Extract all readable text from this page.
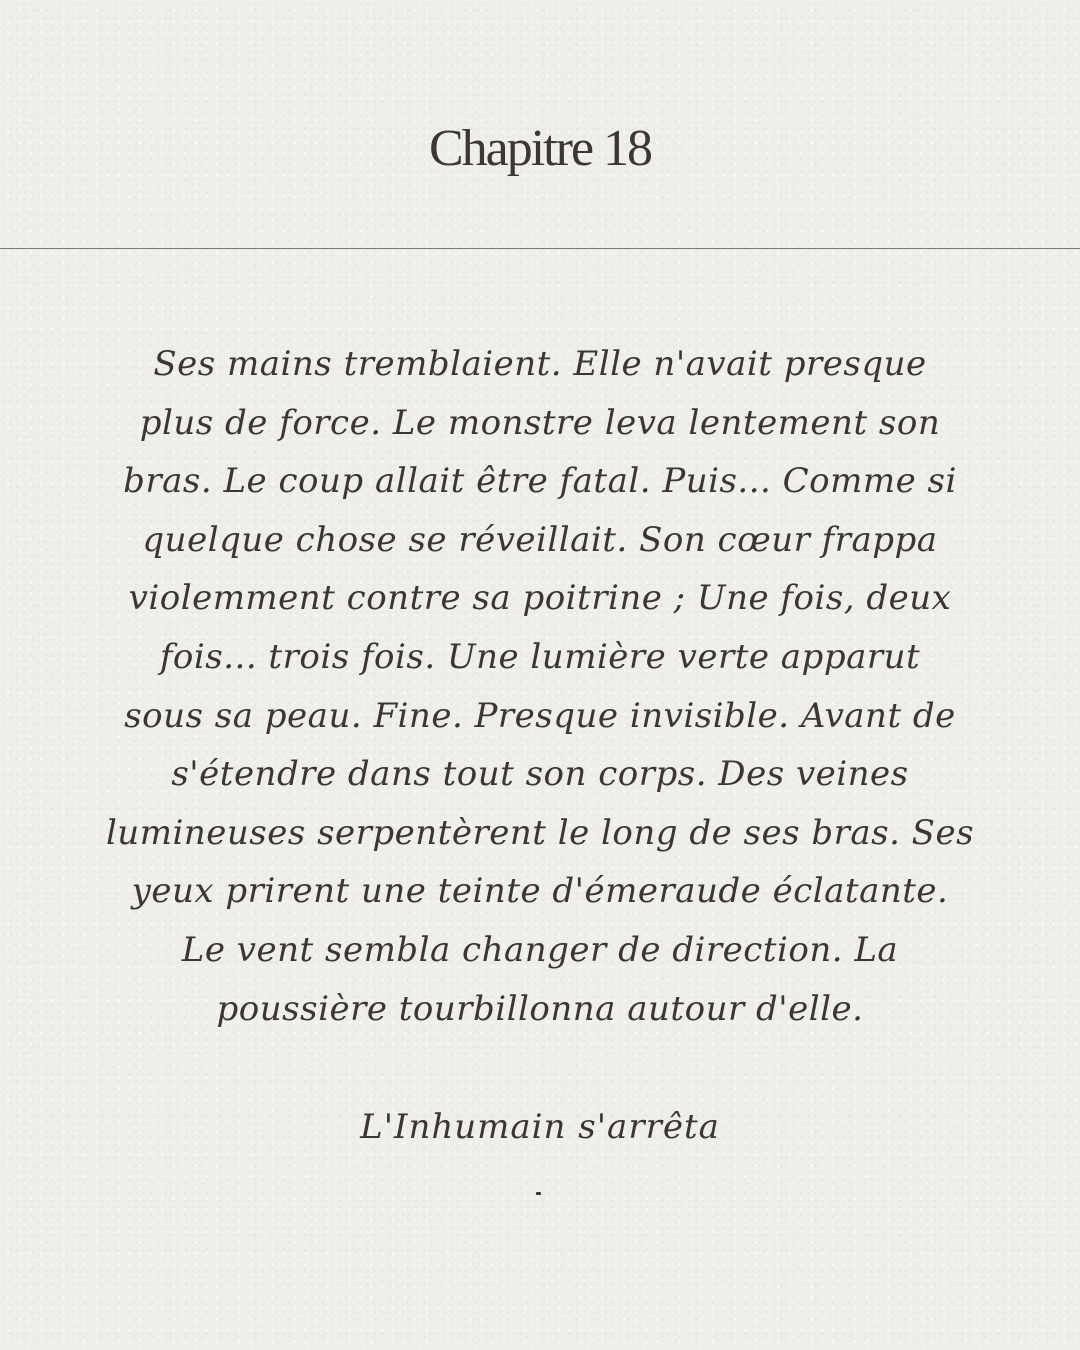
Chapitre 18
Ses mains tremblaient. Elle n'avait presque
plus de force. Le monstre leva lentement son
bras. Le coup allait être fatal. Puis... Comme si
quelque chose se réveillait. Son cœur frappa
violemment contre sa poitrine ; Une fois, deux
fois... trois fois. Une lumière verte apparut
sous sa peau. Fine. Presque invisible. Avant de
s'étendre dans tout son corps. Des veines
lumineuses serpentèrent le long de ses bras. Ses
yeux prirent une teinte d'émeraude éclatante.
Le vent sembla changer de direction. La
poussière tourbillonna autour d'elle.
L'Inhumain s'arrêta
